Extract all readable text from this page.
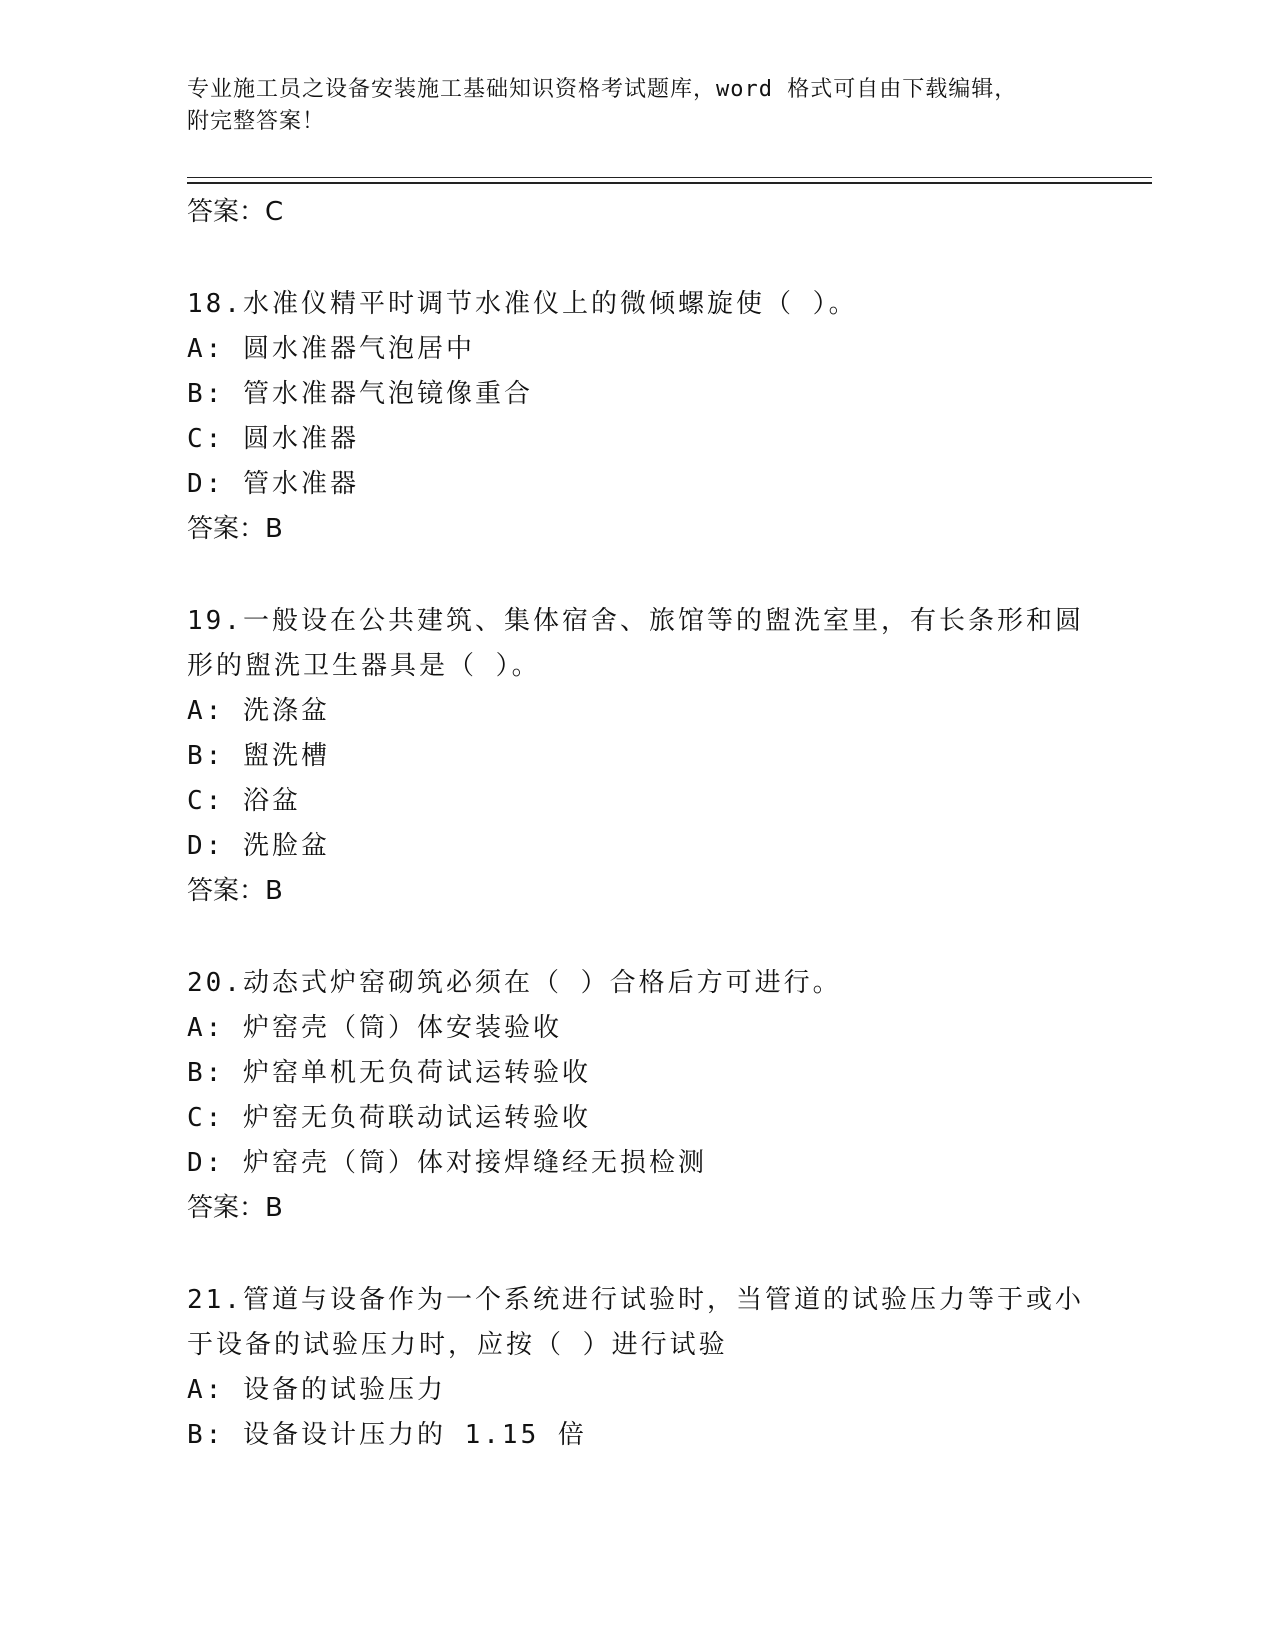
专业施工员之设备安装施工基础知识资格考试题库，word 格式可自由下载编辑，
附完整答案！
答案：C
18.水准仪精平时调节水准仪上的微倾螺旋使（ ）。
A: 圆水准器气泡居中
B: 管水准器气泡镜像重合
C: 圆水准器
D: 管水准器
答案：B
19.一般设在公共建筑、集体宿舍、旅馆等的盥洗室里，有长条形和圆
形的盥洗卫生器具是（ ）。
A: 洗涤盆
B: 盥洗槽
C: 浴盆
D: 洗脸盆
答案：B
20.动态式炉窑砌筑必须在（ ）合格后方可进行。
A: 炉窑壳（筒）体安装验收
B: 炉窑单机无负荷试运转验收
C: 炉窑无负荷联动试运转验收
D: 炉窑壳（筒）体对接焊缝经无损检测
答案：B
21.管道与设备作为一个系统进行试验时，当管道的试验压力等于或小
于设备的试验压力时，应按（ ）进行试验
A: 设备的试验压力
B: 设备设计压力的 1.15 倍
